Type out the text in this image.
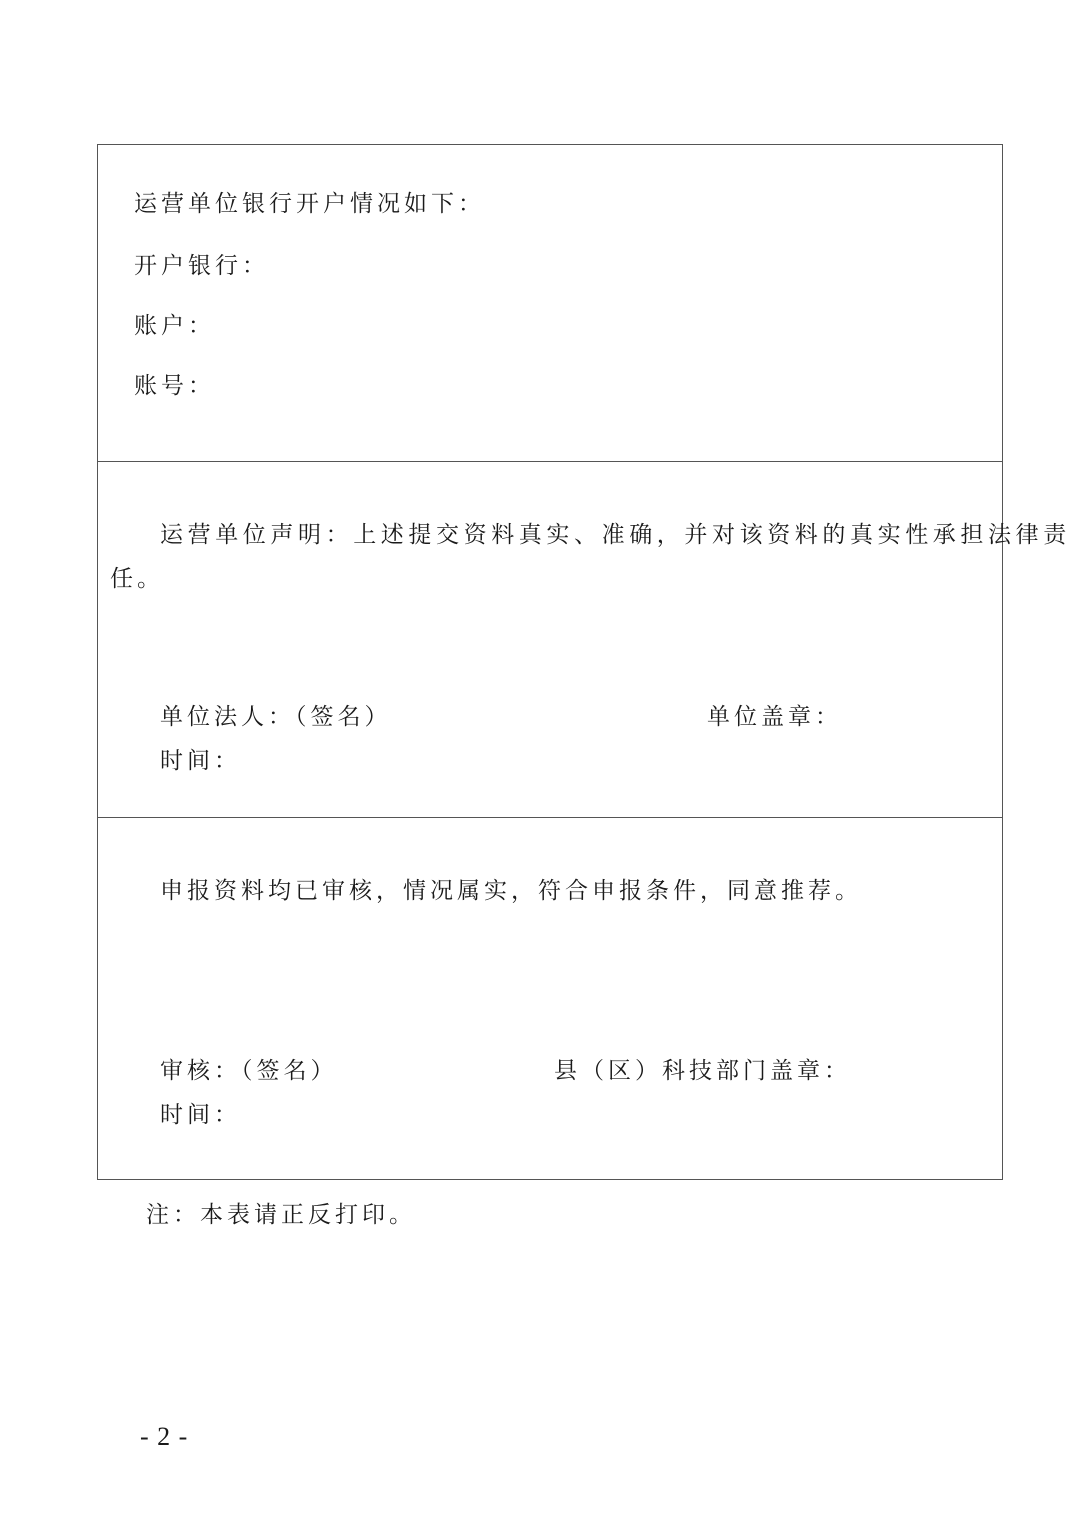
运营单位银行开户情况如下：
开户银行：
账户：
账号：
运营单位声明：上述提交资料真实、准确，并对该资料的真实性承担法律责
任。
单位法人：（签名）	单位盖章：
时间：
申报资料均已审核，情况属实，符合申报条件，同意推荐。
审核：（签名）	县（区）科技部门盖章：
时间：
注：本表请正反打印。
- 2 -
